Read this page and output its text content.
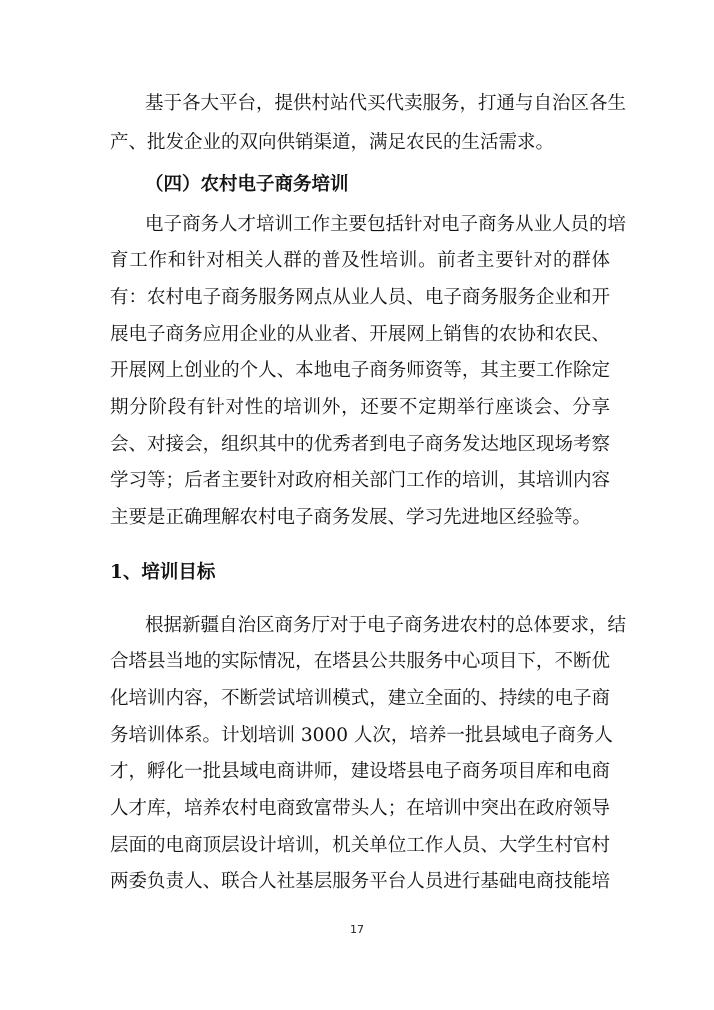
基于各大平台，提供村站代买代卖服务，打通与自治区各生
产、批发企业的双向供销渠道，满足农民的生活需求。
（四）农村电子商务培训
电子商务人才培训工作主要包括针对电子商务从业人员的培
育工作和针对相关人群的普及性培训。前者主要针对的群体
有：农村电子商务服务网点从业人员、电子商务服务企业和开
展电子商务应用企业的从业者、开展网上销售的农协和农民、
开展网上创业的个人、本地电子商务师资等，其主要工作除定
期分阶段有针对性的培训外，还要不定期举行座谈会、分享
会、对接会，组织其中的优秀者到电子商务发达地区现场考察
学习等；后者主要针对政府相关部门工作的培训，其培训内容
主要是正确理解农村电子商务发展、学习先进地区经验等。
1、培训目标
根据新疆自治区商务厅对于电子商务进农村的总体要求，结
合塔县当地的实际情况，在塔县公共服务中心项目下，不断优
化培训内容，不断尝试培训模式，建立全面的、持续的电子商
务培训体系。计划培训 3000 人次，培养一批县域电子商务人
才，孵化一批县域电商讲师，建设塔县电子商务项目库和电商
人才库，培养农村电商致富带头人；在培训中突出在政府领导
层面的电商顶层设计培训，机关单位工作人员、大学生村官村
两委负责人、联合人社基层服务平台人员进行基础电商技能培
17
